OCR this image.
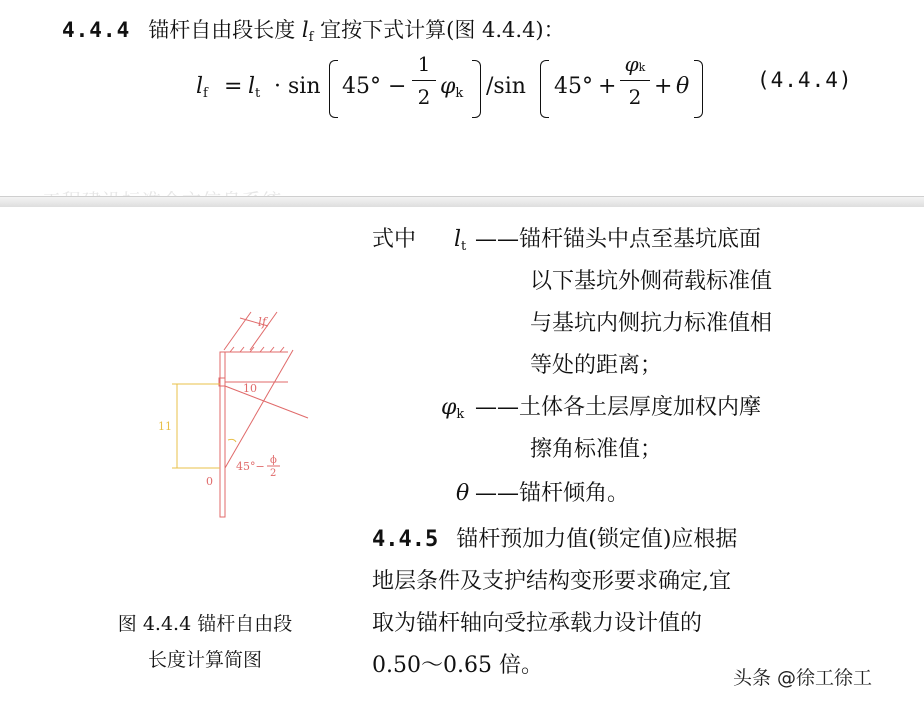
4.4.4 锚杆自由段长度 $l_f$ 宜按下式计算(图 4.4.4)：
$l_f = l_t \cdot \sin 45^\circ - \frac{1}{2} \varphi_k$ /sin $45^\circ + \frac{\varphi k}{2} + \theta$	(4.4.4)
lf
10
11
45°− ϕ
2
0
图 4.4.4 锚杆自由段
长度计算简图
式中 $l_t$ ——锚杆锚头中点至基坑底面
以下基坑外侧荷载标准值
与基坑内侧抗力标准值相
等处的距离；
$\varphi_k$ ——土体各土层厚度加权内摩
擦角标准值；
θ ——锚杆倾角。
4.4.5 锚杆预加力值(锁定值)应根据
地层条件及支护结构变形要求确定,宜
取为锚杆轴向受拉承载力设计值的
0.50～0.65 倍。	头条 @徐工徐工
